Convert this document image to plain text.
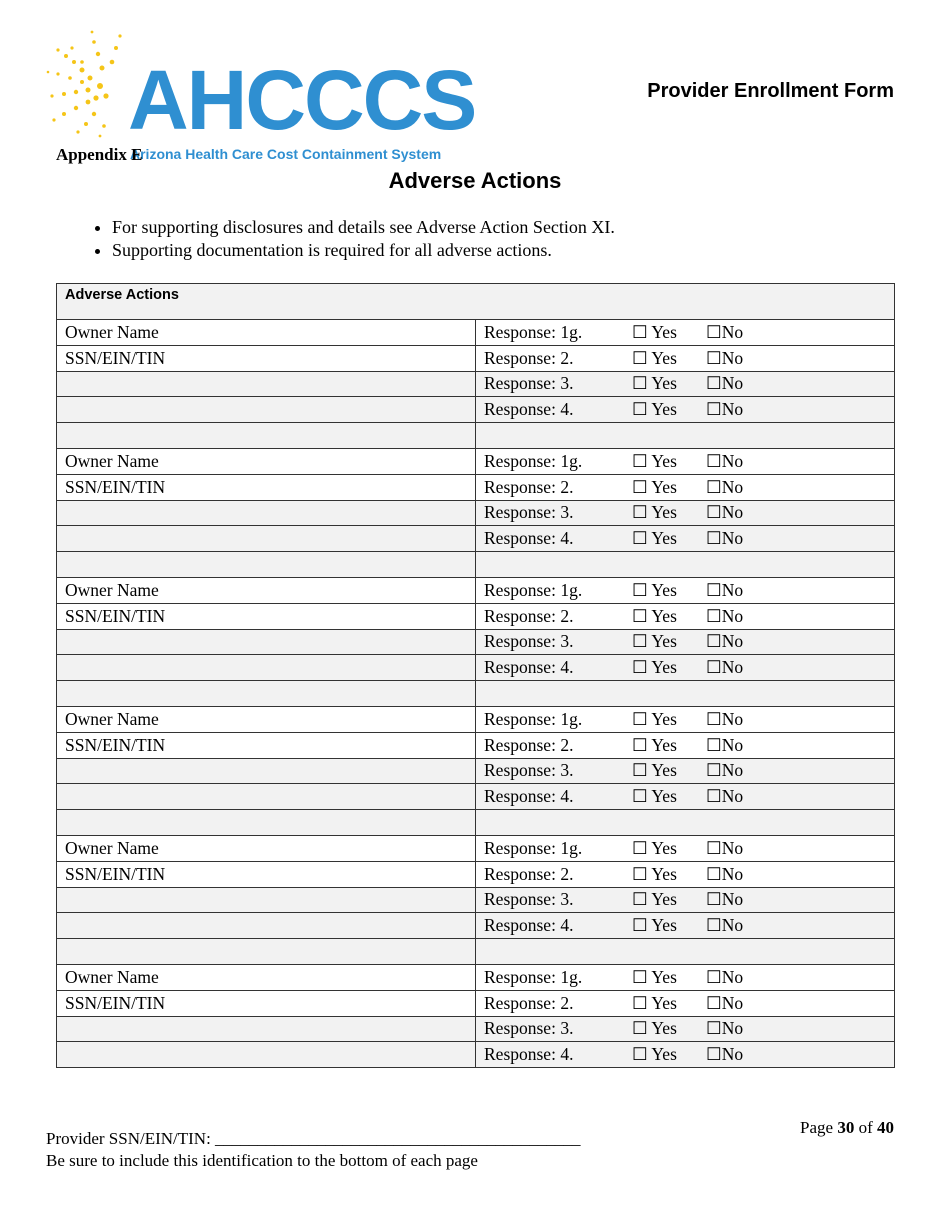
AHCCCS
Arizona Health Care Cost Containment System
Provider Enrollment Form
Appendix E
Adverse Actions
• For supporting disclosures and details see Adverse Action Section XI.
• Supporting documentation is required for all adverse actions.
Adverse Actions	
Owner Name	Response: 1g. ☐ Yes ☐No
SSN/EIN/TIN	Response: 2. ☐ Yes ☐No
	Response: 3. ☐ Yes ☐No
	Response: 4. ☐ Yes ☐No

Owner Name	Response: 1g. ☐ Yes ☐No
SSN/EIN/TIN	Response: 2. ☐ Yes ☐No
	Response: 3. ☐ Yes ☐No
	Response: 4. ☐ Yes ☐No

Owner Name	Response: 1g. ☐ Yes ☐No
SSN/EIN/TIN	Response: 2. ☐ Yes ☐No
	Response: 3. ☐ Yes ☐No
	Response: 4. ☐ Yes ☐No

Owner Name	Response: 1g. ☐ Yes ☐No
SSN/EIN/TIN	Response: 2. ☐ Yes ☐No
	Response: 3. ☐ Yes ☐No
	Response: 4. ☐ Yes ☐No

Owner Name	Response: 1g. ☐ Yes ☐No
SSN/EIN/TIN	Response: 2. ☐ Yes ☐No
	Response: 3. ☐ Yes ☐No
	Response: 4. ☐ Yes ☐No

Owner Name	Response: 1g. ☐ Yes ☐No
SSN/EIN/TIN	Response: 2. ☐ Yes ☐No
	Response: 3. ☐ Yes ☐No
	Response: 4. ☐ Yes ☐No
Page 30 of 40
Provider SSN/EIN/TIN: ___________________________________________
Be sure to include this identification to the bottom of each page
